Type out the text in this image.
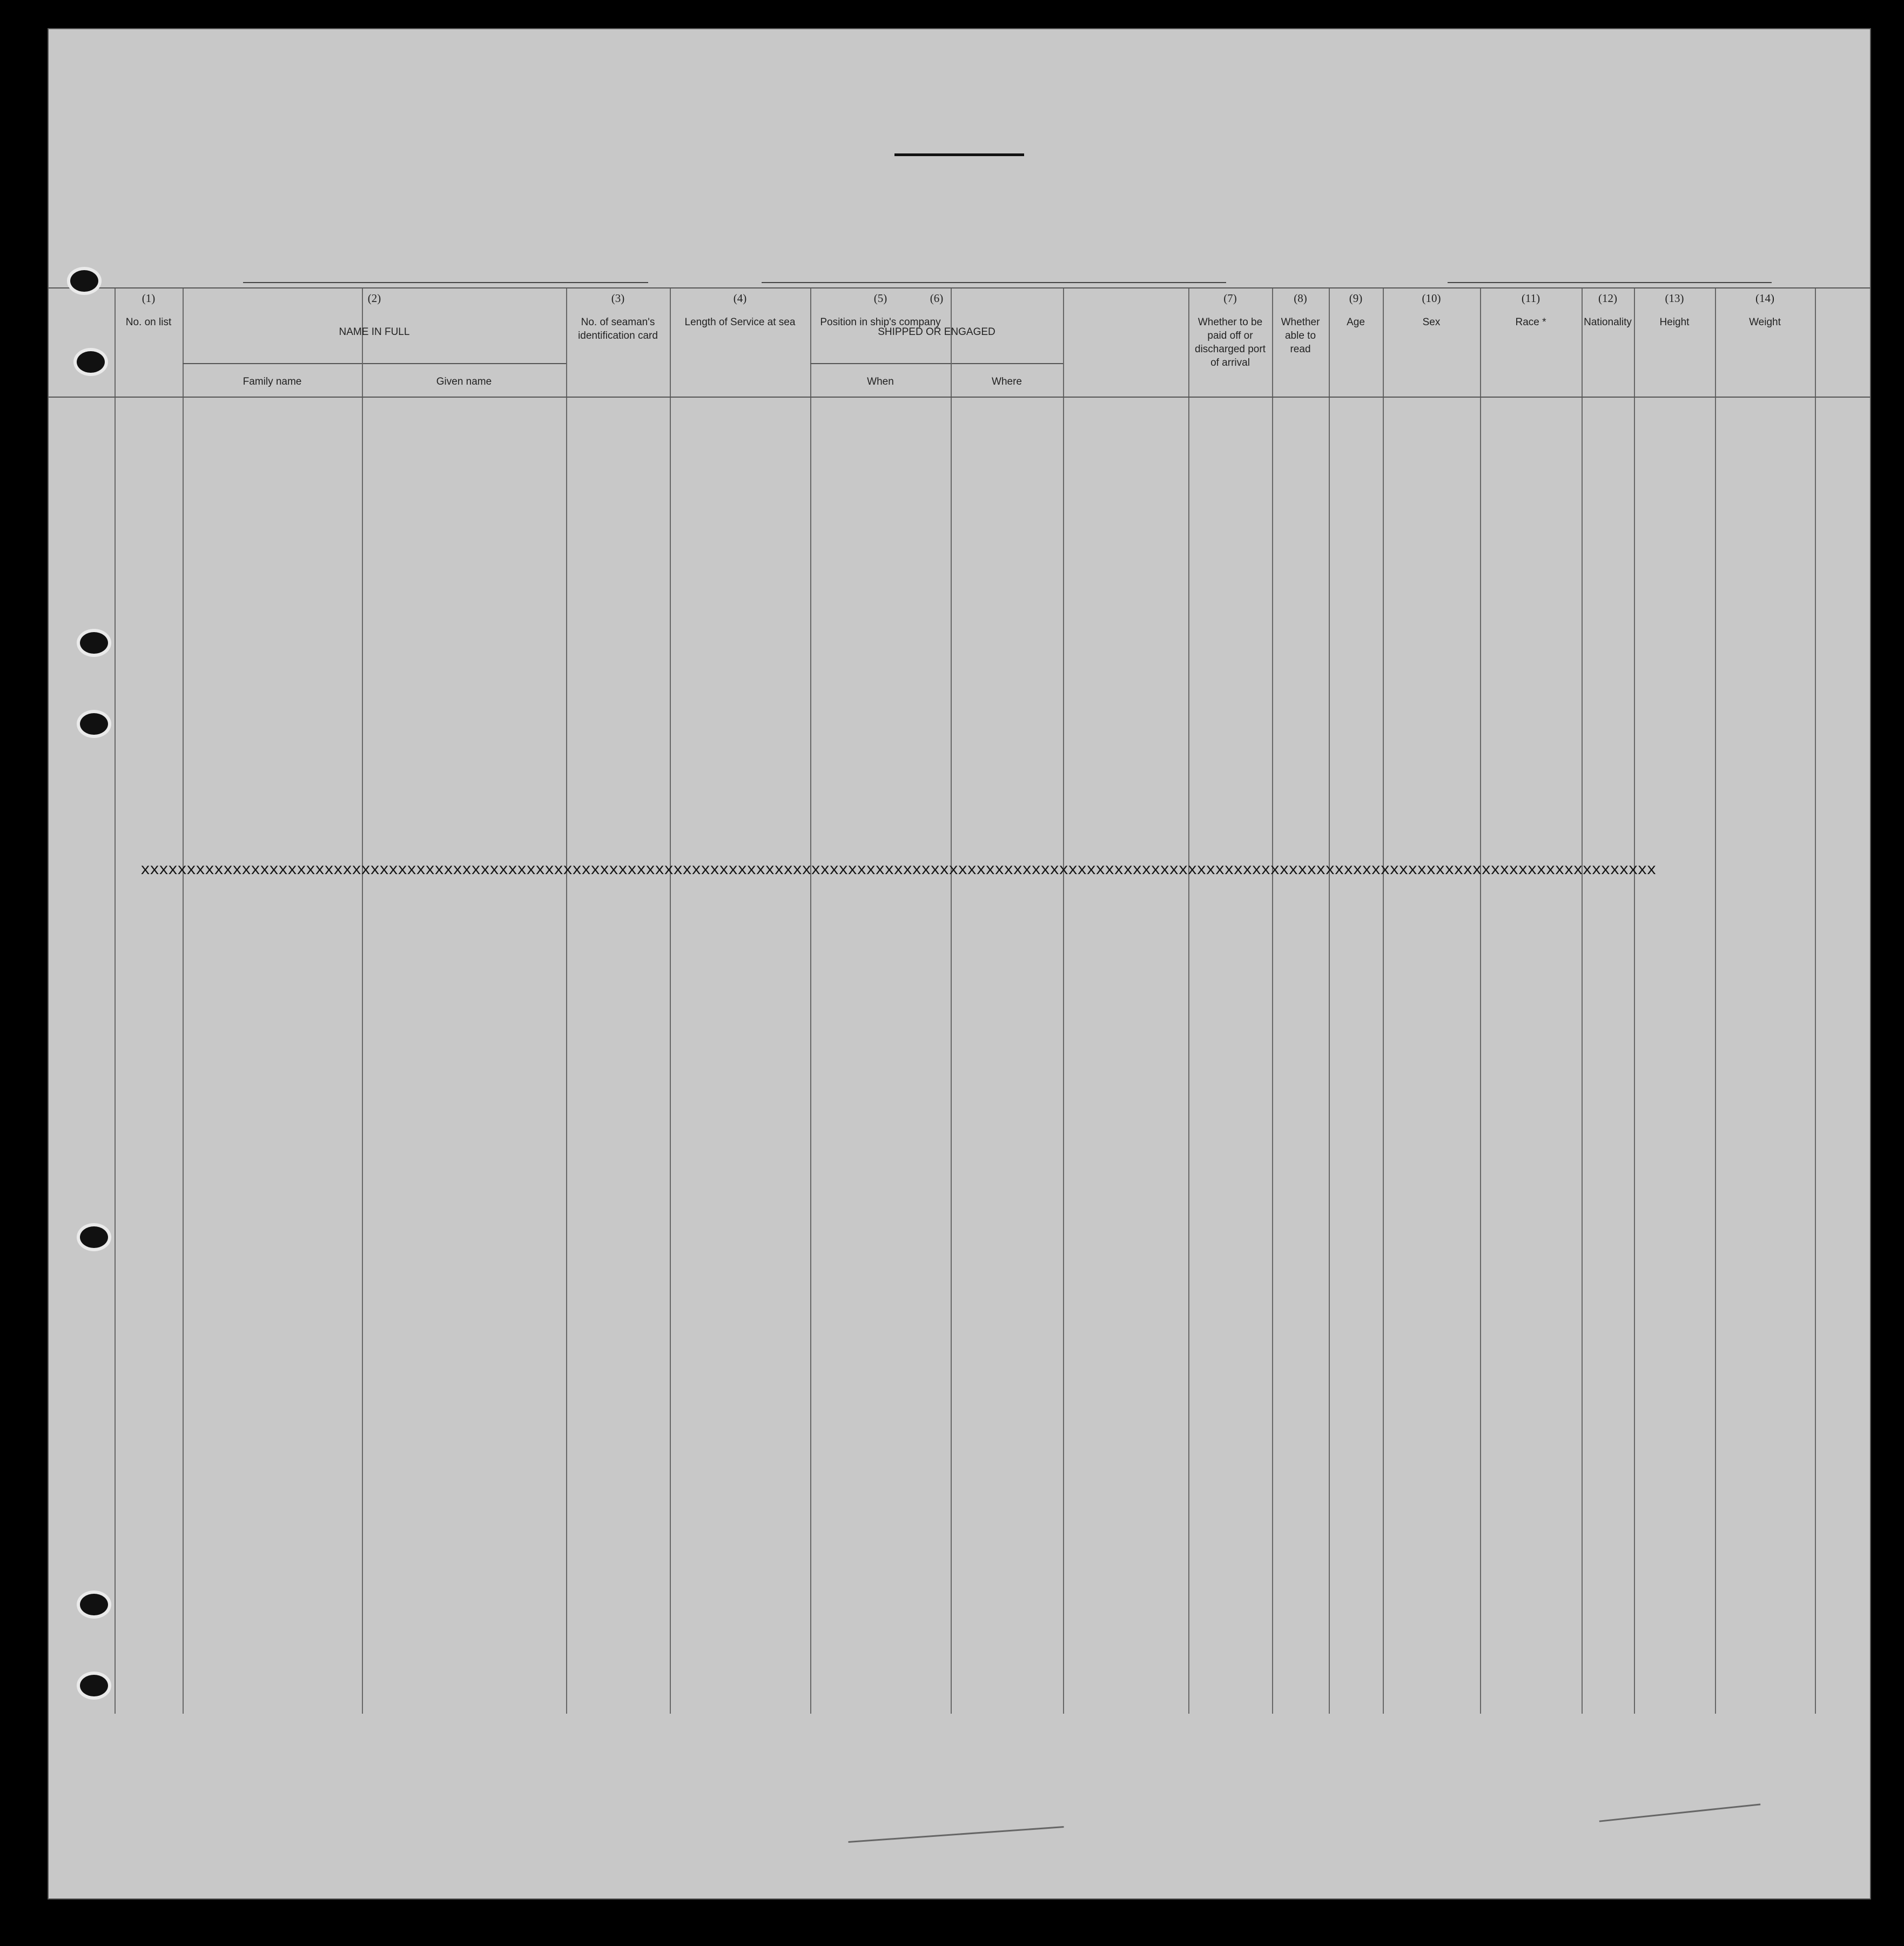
(1)
No. on list
(2)
NAME IN FULL
Family name	Given name
(3)
No. of seaman's identification card
(4)
Length of Service at sea
(5)
Position in ship's company
(6)
SHIPPED OR ENGAGED
When	Where
(7)
Whether to be paid off or discharged port of arrival
(8)
Whether able to read
(9)
Age
(10)
Sex
(11)
Race *
(12)
Nationality
(13)
Height
(14)
Weight
xxxxxxxxxxxxxxxxxxxxxxxxxxxxxxxxxxxxxxxxxxxxxxxxxxxxxxxxxxxxxxxxxxxxxxxxxxxxxxxxxxxxxxxxxxxxxxxxxxxxxxxxxxxxxxxxxxxxxxxxxxxxxxxxxxxxxxxxxxxxxxxxxxxxxxxxxxxxxxxxxxxxx
